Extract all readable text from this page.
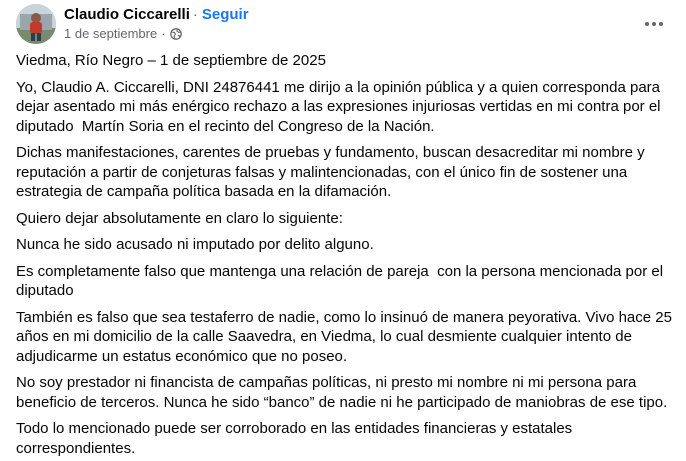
Claudio Ciccarelli · Seguir
1 de septiembre ·

Viedma, Río Negro – 1 de septiembre de 2025

Yo, Claudio A. Ciccarelli, DNI 24876441 me dirijo a la opinión pública y a quien corresponda para dejar asentado mi más enérgico rechazo a las expresiones injuriosas vertidas en mi contra por el diputado  Martín Soria en el recinto del Congreso de la Nación.

Dichas manifestaciones, carentes de pruebas y fundamento, buscan desacreditar mi nombre y reputación a partir de conjeturas falsas y malintencionadas, con el único fin de sostener una estrategia de campaña política basada en la difamación.

Quiero dejar absolutamente en claro lo siguiente:

Nunca he sido acusado ni imputado por delito alguno.

Es completamente falso que mantenga una relación de pareja  con la persona mencionada por el diputado

También es falso que sea testaferro de nadie, como lo insinuó de manera peyorativa. Vivo hace 25 años en mi domicilio de la calle Saavedra, en Viedma, lo cual desmiente cualquier intento de adjudicarme un estatus económico que no poseo.

No soy prestador ni financista de campañas políticas, ni presto mi nombre ni mi persona para beneficio de terceros. Nunca he sido “banco” de nadie ni he participado de maniobras de ese tipo.

Todo lo mencionado puede ser corroborado en las entidades financieras y estatales correspondientes.
